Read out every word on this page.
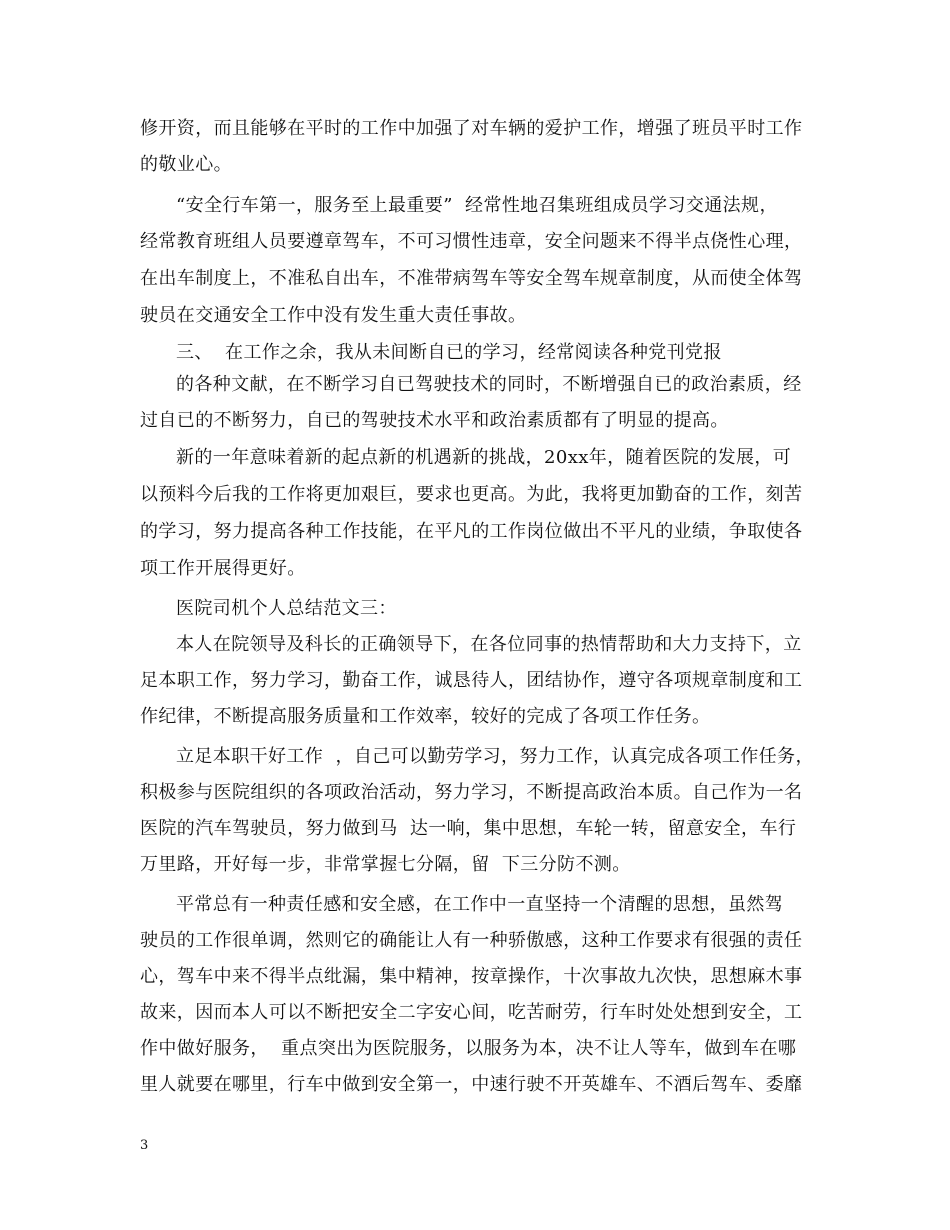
修开资，而且能够在平时的工作中加强了对车辆的爱护工作，增强了班员平时工作
的敬业心。
“安全行车第一，服务至上最重要”  经常性地召集班组成员学习交通法规，
经常教育班组人员要遵章驾车，不可习惯性违章，安全问题来不得半点侥性心理，
在出车制度上，不准私自出车，不准带病驾车等安全驾车规章制度，从而使全体驾
驶员在交通安全工作中没有发生重大责任事故。
三、  在工作之余，我从未间断自已的学习，经常阅读各种党刊党报
的各种文献，在不断学习自已驾驶技术的同时，不断增强自已的政治素质，经
过自已的不断努力，自已的驾驶技术水平和政治素质都有了明显的提高。
新的一年意味着新的起点新的机遇新的挑战，20xx年，随着医院的发展，可
以预料今后我的工作将更加艰巨，要求也更高。为此，我将更加勤奋的工作，刻苦
的学习，努力提高各种工作技能，在平凡的工作岗位做出不平凡的业绩，争取使各
项工作开展得更好。
医院司机个人总结范文三：
本人在院领导及科长的正确领导下，在各位同事的热情帮助和大力支持下，立
足本职工作，努力学习，勤奋工作，诚恳待人，团结协作，遵守各项规章制度和工
作纪律，不断提高服务质量和工作效率，较好的完成了各项工作任务。
立足本职干好工作  ，自己可以勤劳学习，努力工作，认真完成各项工作任务，
积极参与医院组织的各项政治活动，努力学习，不断提高政治本质。自己作为一名
医院的汽车驾驶员，努力做到马  达一响，集中思想，车轮一转，留意安全，车行
万里路，开好每一步，非常掌握七分隔，留  下三分防不测。
平常总有一种责任感和安全感，在工作中一直坚持一个清醒的思想，虽然驾
驶员的工作很单调，然则它的确能让人有一种骄傲感，这种工作要求有很强的责任
心，驾车中来不得半点纰漏，集中精神，按章操作，十次事故九次快，思想麻木事
故来，因而本人可以不断把安全二字安心间，吃苦耐劳，行车时处处想到安全，工
作中做好服务，  重点突出为医院服务，以服务为本，决不让人等车，做到车在哪
里人就要在哪里，行车中做到安全第一，中速行驶不开英雄车、不酒后驾车、委靡
3
